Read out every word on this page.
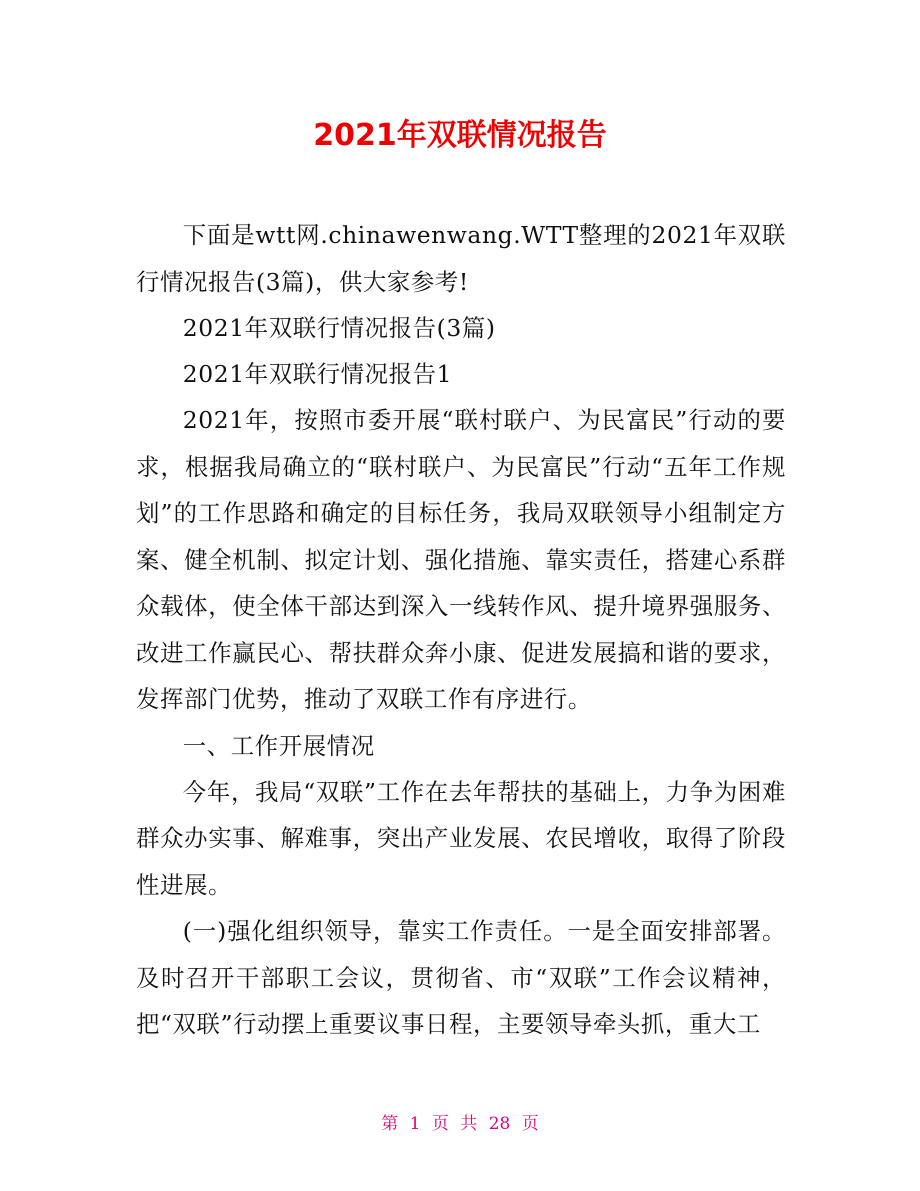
2021年双联情况报告

下面是wtt网.chinawenwang.WTT整理的2021年双联行情况报告(3篇)，供大家参考!

2021年双联行情况报告(3篇)

2021年双联行情况报告1

2021年，按照市委开展“联村联户、为民富民”行动的要求，根据我局确立的“联村联户、为民富民”行动“五年工作规划”的工作思路和确定的目标任务，我局双联领导小组制定方案、健全机制、拟定计划、强化措施、靠实责任，搭建心系群众载体，使全体干部达到深入一线转作风、提升境界强服务、改进工作赢民心、帮扶群众奔小康、促进发展搞和谐的要求，发挥部门优势，推动了双联工作有序进行。

一、工作开展情况

今年，我局“双联”工作在去年帮扶的基础上，力争为困难群众办实事、解难事，突出产业发展、农民增收，取得了阶段性进展。

(一)强化组织领导，靠实工作责任。一是全面安排部署。及时召开干部职工会议，贯彻省、市“双联”工作会议精神，把“双联”行动摆上重要议事日程，主要领导牵头抓，重大工

第 1 页 共 28 页
